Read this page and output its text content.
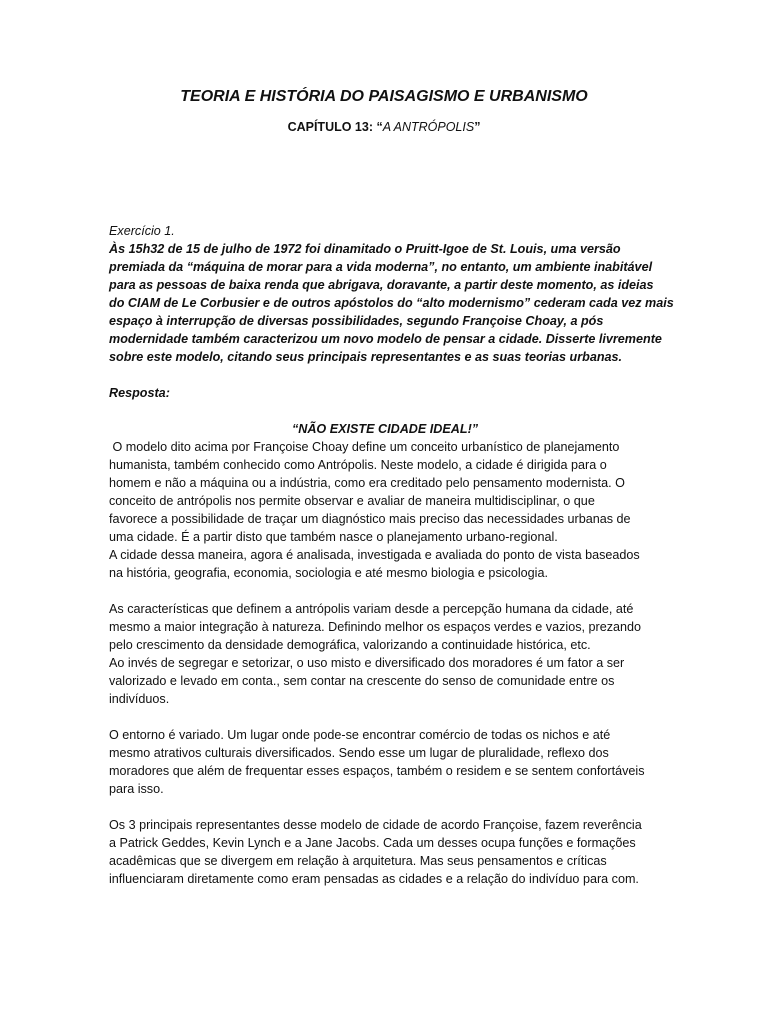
TEORIA E HISTÓRIA DO PAISAGISMO E URBANISMO
CAPÍTULO 13: “A ANTRÓPOLIS”

Exercício 1.

Às 15h32 de 15 de julho de 1972 foi dinamitado o Pruitt-Igoe de St. Louis, uma versão

premiada da “máquina de morar para a vida moderna”, no entanto, um ambiente inabitável

para as pessoas de baixa renda que abrigava, doravante, a partir deste momento, as ideias

do CIAM de Le Corbusier e de outros apóstolos do “alto modernismo” cederam cada vez mais

espaço à interrupção de diversas possibilidades, segundo Françoise Choay, a pós

modernidade também caracterizou um novo modelo de pensar a cidade. Disserte livremente

sobre este modelo, citando seus principais representantes e as suas teorias urbanas.

Resposta:

“NÃO EXISTE CIDADE IDEAL!”

O modelo dito acima por Françoise Choay define um conceito urbanístico de planejamento

humanista, também conhecido como Antrópolis. Neste modelo, a cidade é dirigida para o

homem e não a máquina ou a indústria, como era creditado pelo pensamento modernista. O

conceito de antrópolis nos permite observar e avaliar de maneira multidisciplinar, o que

favorece a possibilidade de traçar um diagnóstico mais preciso das necessidades urbanas de

uma cidade. É a partir disto que também nasce o planejamento urbano-regional.

A cidade dessa maneira, agora é analisada, investigada e avaliada do ponto de vista baseados

na história, geografia, economia, sociologia e até mesmo biologia e psicologia.

As características que definem a antrópolis variam desde a percepção humana da cidade, até

mesmo a maior integração à natureza. Definindo melhor os espaços verdes e vazios, prezando

pelo crescimento da densidade demográfica, valorizando a continuidade histórica, etc.

Ao invés de segregar e setorizar, o uso misto e diversificado dos moradores é um fator a ser

valorizado e levado em conta., sem contar na crescente do senso de comunidade entre os

indivíduos.

O entorno é variado. Um lugar onde pode-se encontrar comércio de todas os nichos e até

mesmo atrativos culturais diversificados. Sendo esse um lugar de pluralidade, reflexo dos

moradores que além de frequentar esses espaços, também o residem e se sentem confortáveis

para isso.

Os 3 principais representantes desse modelo de cidade de acordo Françoise, fazem reverência

a Patrick Geddes, Kevin Lynch e a Jane Jacobs. Cada um desses ocupa funções e formações

acadêmicas que se divergem em relação à arquitetura. Mas seus pensamentos e críticas

influenciaram diretamente como eram pensadas as cidades e a relação do indivíduo para com.
